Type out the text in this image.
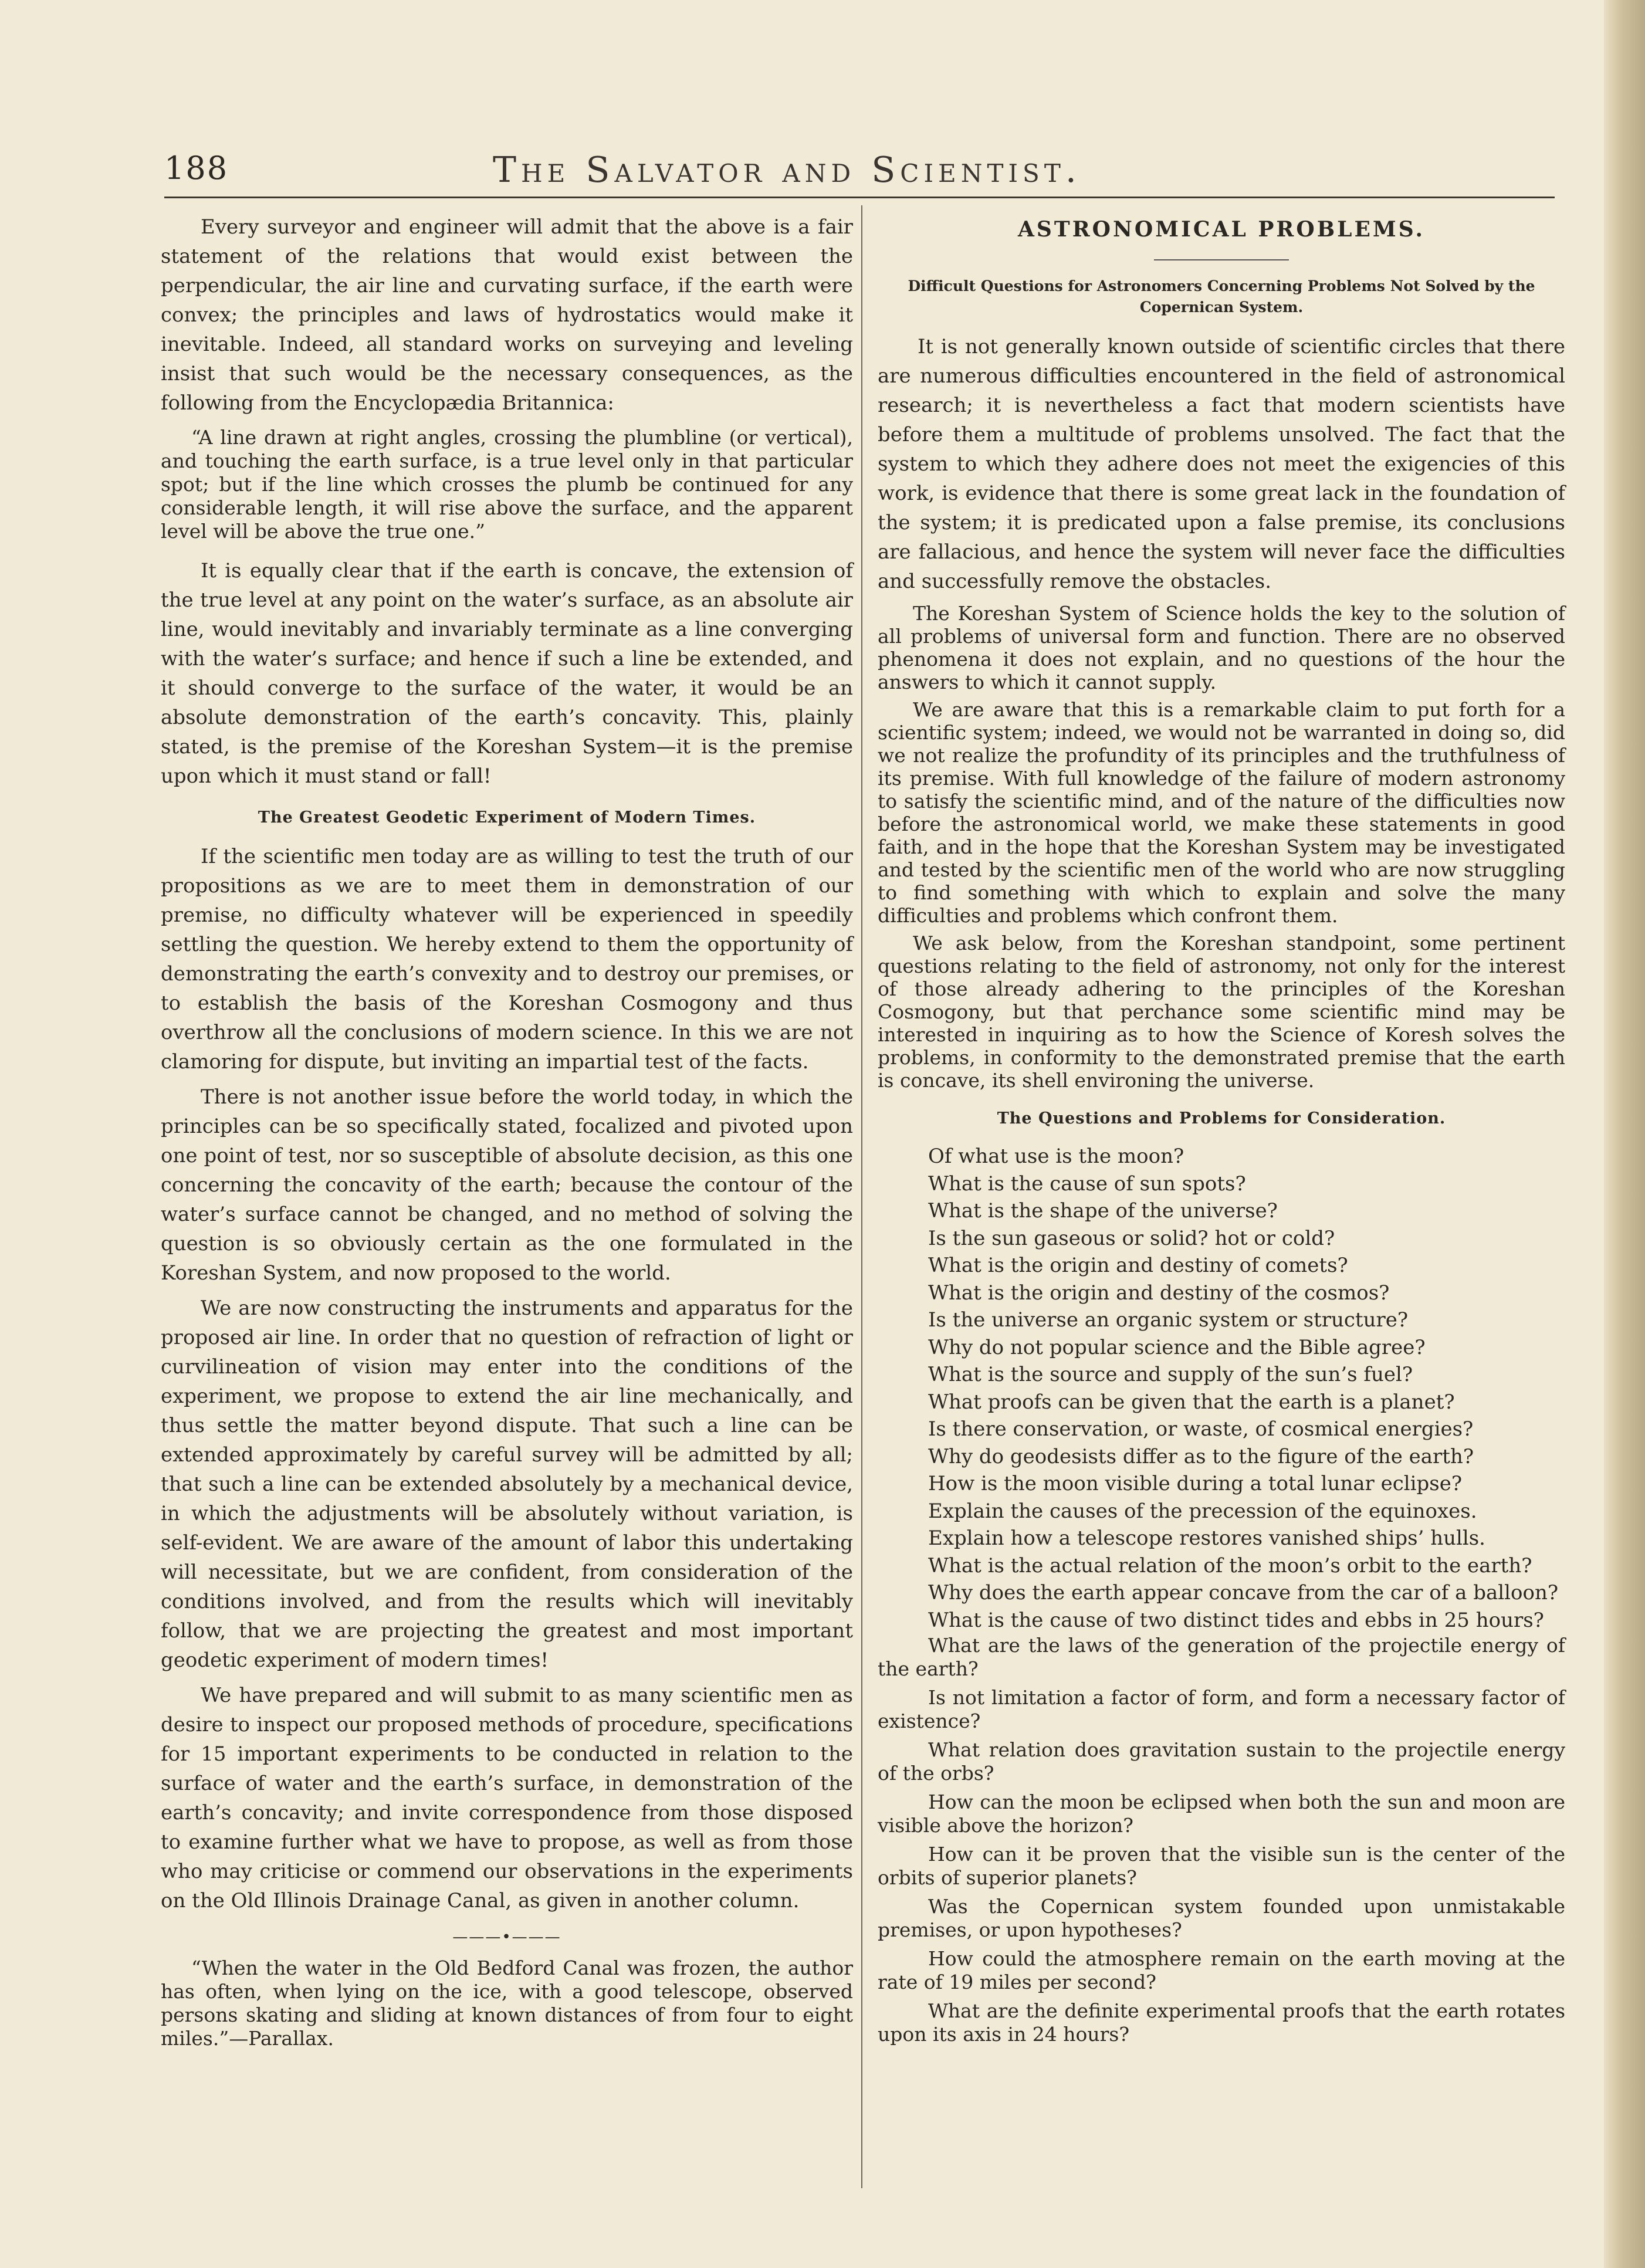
188	The Salvator and Scientist.

Every surveyor and engineer will admit that the above is a fair statement of the relations that would exist between the perpendicular, the air line and curvating surface, if the earth were convex; the principles and laws of hydrostatics would make it inevitable. Indeed, all standard works on surveying and leveling insist that such would be the necessary consequences, as the following from the Encyclopædia Britannica:

“A line drawn at right angles, crossing the plumbline (or vertical), and touching the earth surface, is a true level only in that particular spot; but if the line which crosses the plumb be continued for any considerable length, it will rise above the surface, and the apparent level will be above the true one.”

It is equally clear that if the earth is concave, the extension of the true level at any point on the water’s surface, as an absolute air line, would inevitably and invariably terminate as a line converging with the water’s surface; and hence if such a line be extended, and it should converge to the surface of the water, it would be an absolute demonstration of the earth’s concavity. This, plainly stated, is the premise of the Koreshan System—it is the premise upon which it must stand or fall!

The Greatest Geodetic Experiment of Modern Times.

If the scientific men today are as willing to test the truth of our propositions as we are to meet them in demonstration of our premise, no difficulty whatever will be experienced in speedily settling the question. We hereby extend to them the opportunity of demonstrating the earth’s convexity and to destroy our premises, or to establish the basis of the Koreshan Cosmogony and thus overthrow all the conclusions of modern science. In this we are not clamoring for dispute, but inviting an impartial test of the facts.

There is not another issue before the world today, in which the principles can be so specifically stated, focalized and pivoted upon one point of test, nor so susceptible of absolute decision, as this one concerning the concavity of the earth; because the contour of the water’s surface cannot be changed, and no method of solving the question is so obviously certain as the one formulated in the Koreshan System, and now proposed to the world.

We are now constructing the instruments and apparatus for the proposed air line. In order that no question of refraction of light or curvilineation of vision may enter into the conditions of the experiment, we propose to extend the air line mechanically, and thus settle the matter beyond dispute. That such a line can be extended approximately by careful survey will be admitted by all; that such a line can be extended absolutely by a mechanical device, in which the adjustments will be absolutely without variation, is self-evident. We are aware of the amount of labor this undertaking will necessitate, but we are confident, from consideration of the conditions involved, and from the results which will inevitably follow, that we are projecting the greatest and most important geodetic experiment of modern times!

We have prepared and will submit to as many scientific men as desire to inspect our proposed methods of procedure, specifications for 15 important experiments to be conducted in relation to the surface of water and the earth’s surface, in demonstration of the earth’s concavity; and invite correspondence from those disposed to examine further what we have to propose, as well as from those who may criticise or commend our observations in the experiments on the Old Illinois Drainage Canal, as given in another column.

———•———

“When the water in the Old Bedford Canal was frozen, the author has often, when lying on the ice, with a good telescope, observed persons skating and sliding at known distances of from four to eight miles.”—Parallax.

ASTRONOMICAL PROBLEMS.
Difficult Questions for Astronomers Concerning Problems Not Solved by the Copernican System.

It is not generally known outside of scientific circles that there are numerous difficulties encountered in the field of astronomical research; it is nevertheless a fact that modern scientists have before them a multitude of problems unsolved. The fact that the system to which they adhere does not meet the exigencies of this work, is evidence that there is some great lack in the foundation of the system; it is predicated upon a false premise, its conclusions are fallacious, and hence the system will never face the difficulties and successfully remove the obstacles.

The Koreshan System of Science holds the key to the solution of all problems of universal form and function. There are no observed phenomena it does not explain, and no questions of the hour the answers to which it cannot supply.

We are aware that this is a remarkable claim to put forth for a scientific system; indeed, we would not be warranted in doing so, did we not realize the profundity of its principles and the truthfulness of its premise. With full knowledge of the failure of modern astronomy to satisfy the scientific mind, and of the nature of the difficulties now before the astronomical world, we make these statements in good faith, and in the hope that the Koreshan System may be investigated and tested by the scientific men of the world who are now struggling to find something with which to explain and solve the many difficulties and problems which confront them.

We ask below, from the Koreshan standpoint, some pertinent questions relating to the field of astronomy, not only for the interest of those already adhering to the principles of the Koreshan Cosmogony, but that perchance some scientific mind may be interested in inquiring as to how the Science of Koresh solves the problems, in conformity to the demonstrated premise that the earth is concave, its shell environing the universe.

The Questions and Problems for Consideration.
Of what use is the moon?
What is the cause of sun spots?
What is the shape of the universe?
Is the sun gaseous or solid? hot or cold?
What is the origin and destiny of comets?
What is the origin and destiny of the cosmos?
Is the universe an organic system or structure?
Why do not popular science and the Bible agree?
What is the source and supply of the sun’s fuel?
What proofs can be given that the earth is a planet?
Is there conservation, or waste, of cosmical energies?
Why do geodesists differ as to the figure of the earth?
How is the moon visible during a total lunar eclipse?
Explain the causes of the precession of the equinoxes.
Explain how a telescope restores vanished ships’ hulls.
What is the actual relation of the moon’s orbit to the earth?
Why does the earth appear concave from the car of a balloon?
What is the cause of two distinct tides and ebbs in 25 hours?

What are the laws of the generation of the projectile energy of the earth?

Is not limitation a factor of form, and form a necessary factor of existence?

What relation does gravitation sustain to the projectile energy of the orbs?

How can the moon be eclipsed when both the sun and moon are visible above the horizon?

How can it be proven that the visible sun is the center of the orbits of superior planets?

Was the Copernican system founded upon unmistakable premises, or upon hypotheses?

How could the atmosphere remain on the earth moving at the rate of 19 miles per second?

What are the definite experimental proofs that the earth rotates upon its axis in 24 hours?
